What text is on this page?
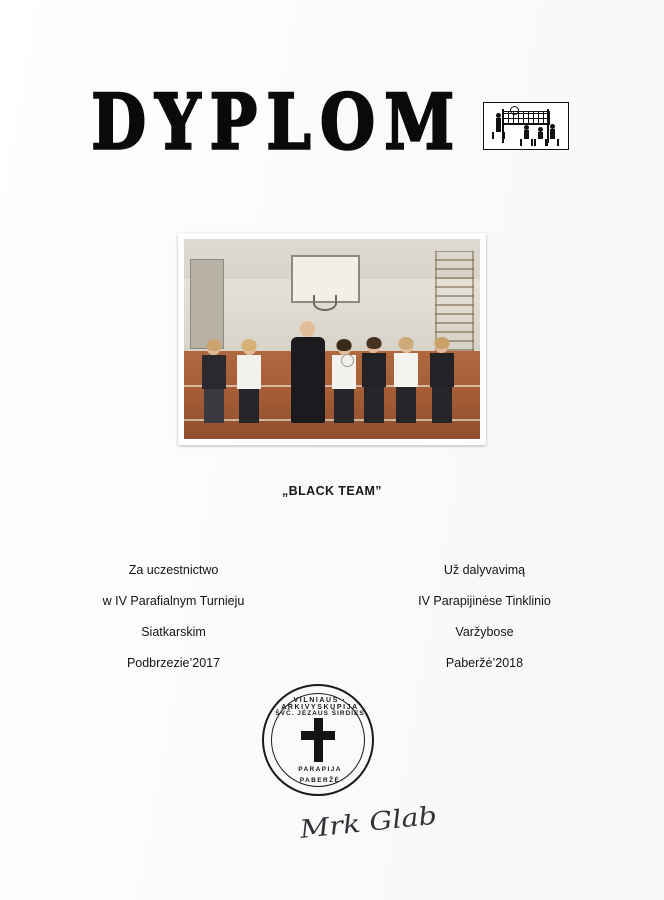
DYPLOM
„BLACK TEAM”
Za uczestnictwo
w IV Parafialnym Turnieju
Siatkarskim
Podbrzezie’2017
Už dalyvavimą
IV Parapijinėse Tinklinio
Varžybose
Paberžė’2018
VILNIAUS · ARKIVYSKUPIJA
ŠVČ. JĖZAUS ŠIRDIES
PARAPIJA
PABERŽĖ
Mrk Glab
